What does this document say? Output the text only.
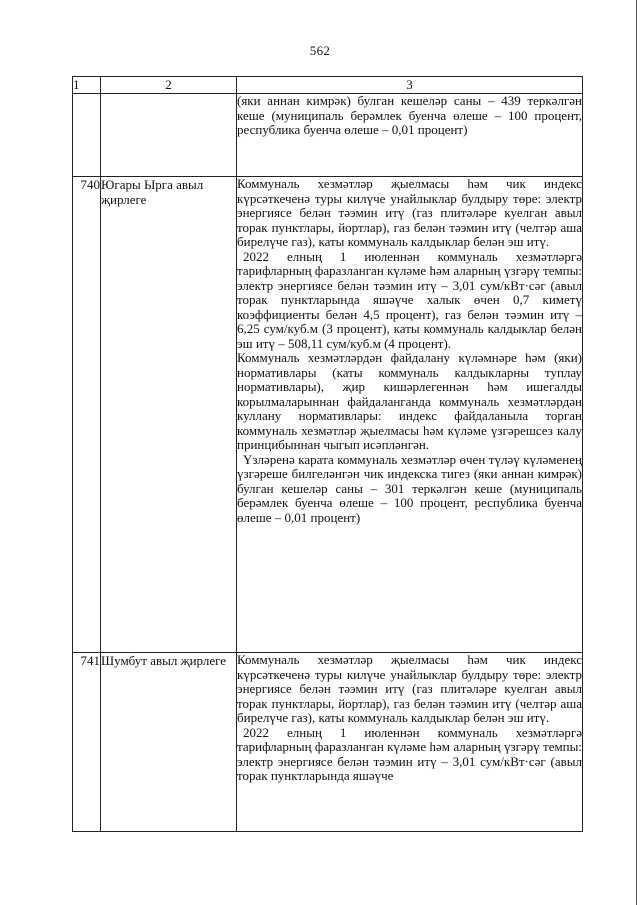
562
1	2	3

		(яки аннан кимрәк) булган кешеләр саны – 439 теркәлгән кеше (муниципаль берәмлек буенча өлеше – 100 процент, республика буенча өлеше – 0,01 процент)

740	Югары Ырга авыл җирлеге	Коммуналь хезмәтләр җыелмасы һәм чик индекс күрсәткеченә туры килүче унайлыклар булдыру төре: электр энергиясе белән тәэмин итү (газ плитәләре куелган авыл торак пунктлары, йортлар), газ белән тәэмин итү (челтәр аша бирелүче газ), каты коммуналь калдыклар белән эш итү.

2022 елның 1 июленнән коммуналь хезмәтләргә тарифларның фаразланган күләме һәм аларның үзгәрү темпы: электр энергиясе белән тәэмин итү – 3,01 сум/кВт·сәг (авыл торак пунктларында яшәүче халык өчен 0,7 киметү коэффициенты белән 4,5 процент), газ белән тәэмин итү – 6,25 сум/куб.м (3 процент), каты коммуналь калдыклар белән эш итү – 508,11 сум/куб.м (4 процент).

Коммуналь хезмәтләрдән файдалану күләмнәре һәм (яки) нормативлары (каты коммуналь калдыкларны туплау нормативлары), җир кишәрлегеннән һәм ишегалды корылмаларыннан файдаланганда коммуналь хезмәтләрдән куллану нормативлары: индекс файдаланыла торган коммуналь хезмәтләр җыелмасы һәм күләме үзгәрешсез калу принцибыннан чыгып исәпләнгән.

Үзләренә карата коммуналь хезмәтләр өчен түләү күләменең үзгәреше билгеләнгән чик индекска тигез (яки аннан кимрәк) булган кешеләр саны – 301 теркәлгән кеше (муниципаль берәмлек буенча өлеше – 100 процент, республика буенча өлеше – 0,01 процент)

741	Шумбут авыл җирлеге	Коммуналь хезмәтләр җыелмасы һәм чик индекс күрсәткеченә туры килүче унайлыклар булдыру төре: электр энергиясе белән тәэмин итү (газ плитәләре куелган авыл торак пунктлары, йортлар), газ белән тәэмин итү (челтәр аша бирелүче газ), каты коммуналь калдыклар белән эш итү.

2022 елның 1 июленнән коммуналь хезмәтләргә тарифларның фаразланган күләме һәм аларның үзгәрү темпы: электр энергиясе белән тәэмин итү – 3,01 сум/кВт·сәг (авыл торак пунктларында яшәүче
